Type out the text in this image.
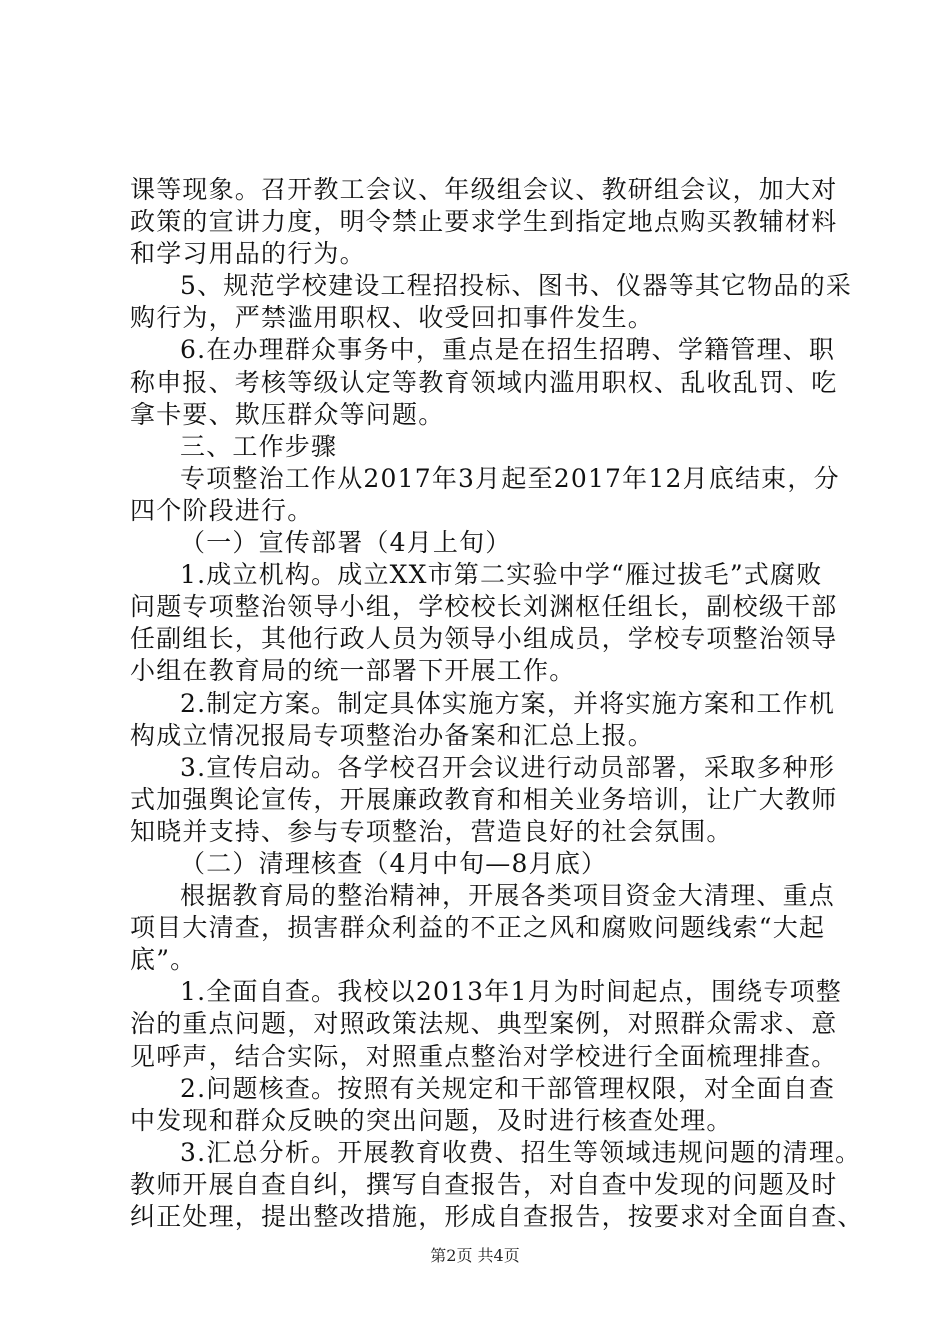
课等现象。召开教工会议、年级组会议、教研组会议，加大对
政策的宣讲力度，明令禁止要求学生到指定地点购买教辅材料
和学习用品的行为。
5、规范学校建设工程招投标、图书、仪器等其它物品的采
购行为，严禁滥用职权、收受回扣事件发生。
6.在办理群众事务中，重点是在招生招聘、学籍管理、职
称申报、考核等级认定等教育领域内滥用职权、乱收乱罚、吃
拿卡要、欺压群众等问题。
三、工作步骤
专项整治工作从2017年3月起至2017年12月底结束，分
四个阶段进行。
（一）宣传部署（4月上旬）
1.成立机构。成立XX市第二实验中学“雁过拔毛”式腐败
问题专项整治领导小组，学校校长刘渊枢任组长，副校级干部
任副组长，其他行政人员为领导小组成员，学校专项整治领导
小组在教育局的统一部署下开展工作。
2.制定方案。制定具体实施方案，并将实施方案和工作机
构成立情况报局专项整治办备案和汇总上报。
3.宣传启动。各学校召开会议进行动员部署，采取多种形
式加强舆论宣传，开展廉政教育和相关业务培训，让广大教师
知晓并支持、参与专项整治，营造良好的社会氛围。
（二）清理核查（4月中旬—8月底）
根据教育局的整治精神，开展各类项目资金大清理、重点
项目大清查，损害群众利益的不正之风和腐败问题线索“大起
底”。
1.全面自查。我校以2013年1月为时间起点，围绕专项整
治的重点问题，对照政策法规、典型案例，对照群众需求、意
见呼声，结合实际，对照重点整治对学校进行全面梳理排查。
2.问题核查。按照有关规定和干部管理权限，对全面自查
中发现和群众反映的突出问题，及时进行核查处理。
3.汇总分析。开展教育收费、招生等领域违规问题的清理。
教师开展自查自纠，撰写自查报告，对自查中发现的问题及时
纠正处理，提出整改措施，形成自查报告，按要求对全面自查、
第2页 共4页
